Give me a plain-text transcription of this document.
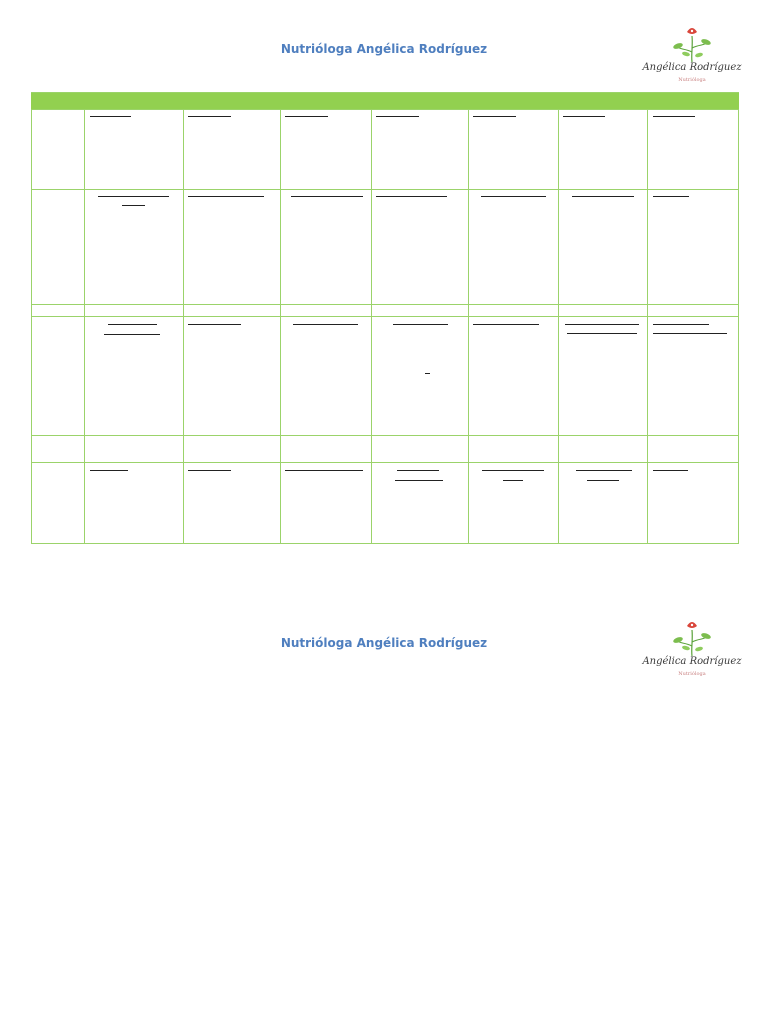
Nutrióloga Angélica Rodríguez
Angélica Rodríguez
Nutrióloga
Nutrióloga Angélica Rodríguez
Angélica Rodríguez
Nutrióloga
